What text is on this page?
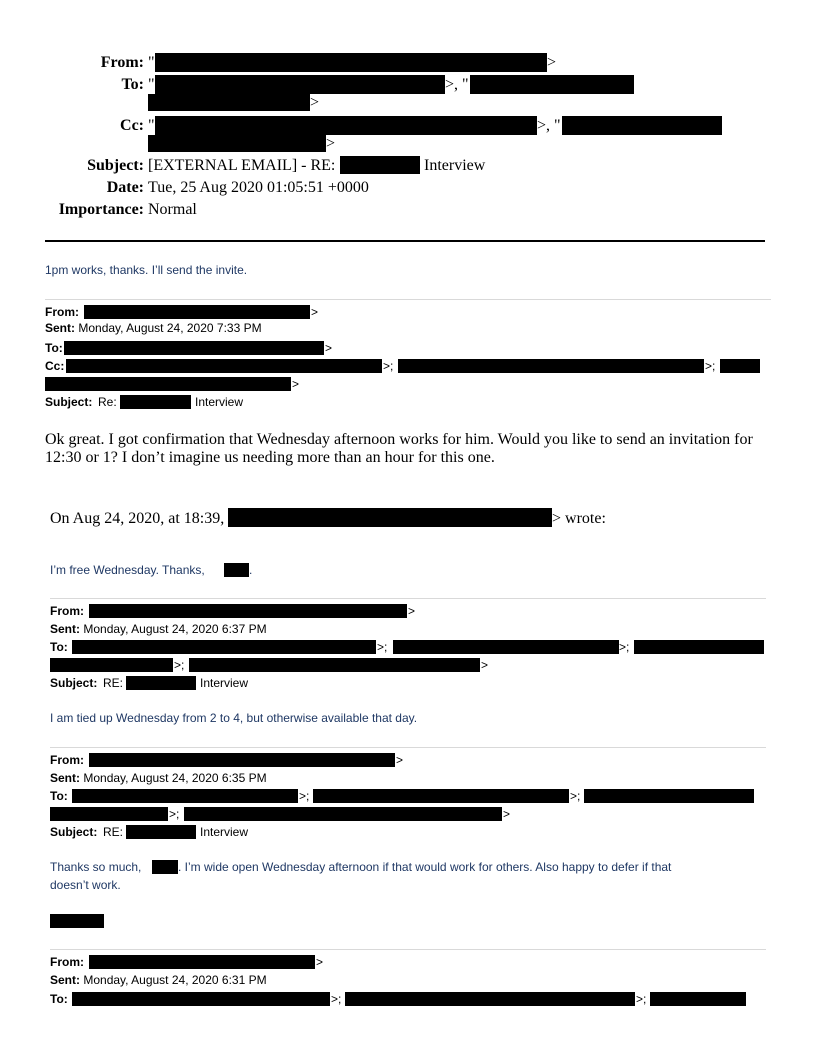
From: "	>
To: "	>, "
>
Cc: "	>, "
>
Subject: [EXTERNAL EMAIL] - RE:	Interview
Date: Tue, 25 Aug 2020 01:05:51 +0000
Importance: Normal
1pm works, thanks. I’ll send the invite.
From:	>
Sent: Monday, August 24, 2020 7:33 PM
To:	>
Cc:	>;	>;
>
Subject: Re:	Interview
Ok great. I got confirmation that Wednesday afternoon works for him. Would you like to send an invitation for 12:30 or 1? I don’t imagine us needing more than an hour for this one.
On Aug 24, 2020, at 18:39,	> wrote:
I’m free Wednesday. Thanks,	.
From:	>
Sent: Monday, August 24, 2020 6:37 PM
To:	>;	>;
>;	>
Subject: RE:	Interview
I am tied up Wednesday from 2 to 4, but otherwise available that day.
From:	>
Sent: Monday, August 24, 2020 6:35 PM
To:	>;	>;
>;	>
Subject: RE:	Interview
Thanks so much,	. I’m wide open Wednesday afternoon if that would work for others. Also happy to defer if that
doesn’t work.
From:	>
Sent: Monday, August 24, 2020 6:31 PM
To:	>;	>;
